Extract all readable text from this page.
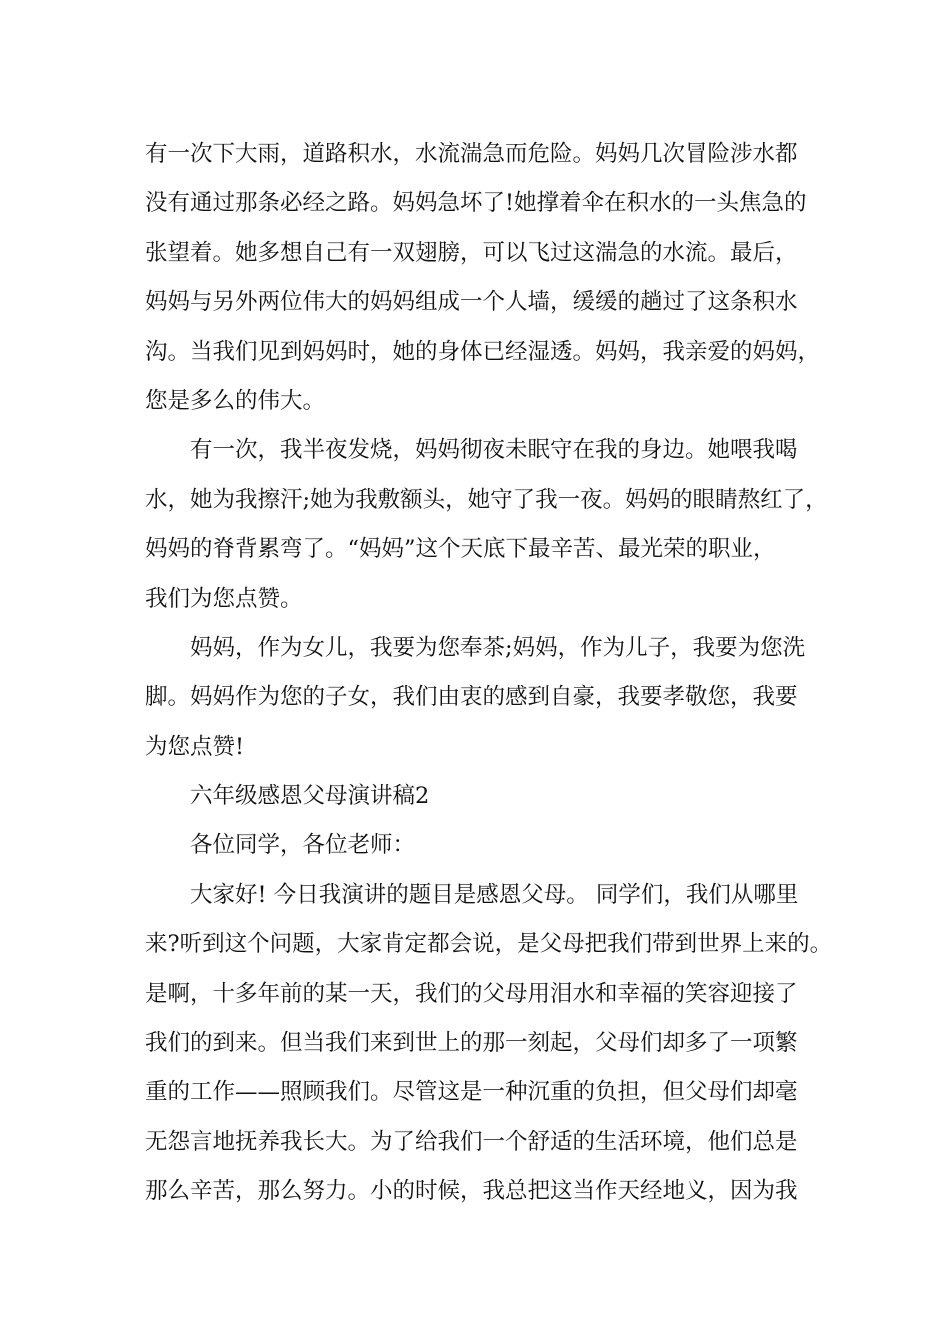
有一次下大雨，道路积水，水流湍急而危险。妈妈几次冒险涉水都
没有通过那条必经之路。妈妈急坏了!她撑着伞在积水的一头焦急的
张望着。她多想自己有一双翅膀，可以飞过这湍急的水流。最后，
妈妈与另外两位伟大的妈妈组成一个人墙，缓缓的趟过了这条积水
沟。当我们见到妈妈时，她的身体已经湿透。妈妈，我亲爱的妈妈，
您是多么的伟大。
有一次，我半夜发烧，妈妈彻夜未眠守在我的身边。她喂我喝
水，她为我擦汗;她为我敷额头，她守了我一夜。妈妈的眼睛熬红了，
妈妈的脊背累弯了。“妈妈”这个天底下最辛苦、最光荣的职业，
我们为您点赞。
妈妈，作为女儿，我要为您奉茶;妈妈，作为儿子，我要为您洗
脚。妈妈作为您的子女，我们由衷的感到自豪，我要孝敬您，我要
为您点赞!
六年级感恩父母演讲稿2
各位同学，各位老师：
大家好! 今日我演讲的题目是感恩父母。 同学们，我们从哪里
来?听到这个问题，大家肯定都会说，是父母把我们带到世界上来的。
是啊，十多年前的某一天，我们的父母用泪水和幸福的笑容迎接了
我们的到来。但当我们来到世上的那一刻起，父母们却多了一项繁
重的工作——照顾我们。尽管这是一种沉重的负担，但父母们却毫
无怨言地抚养我长大。为了给我们一个舒适的生活环境，他们总是
那么辛苦，那么努力。小的时候，我总把这当作天经地义，因为我
